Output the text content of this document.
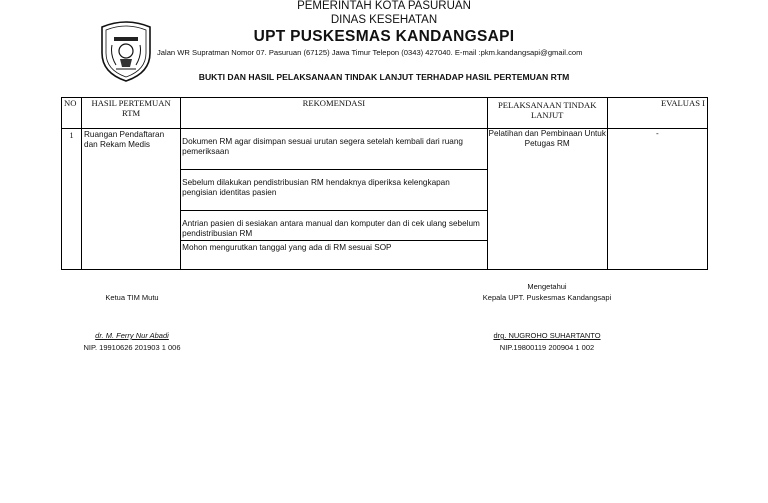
PEMERINTAH KOTA PASURUAN
DINAS KESEHATAN
UPT PUSKESMAS KANDANGSAPI
Jalan WR Supratman Nomor 07. Pasuruan (67125) Jawa Timur Telepon (0343) 427040. E-mail :pkm.kandangsapi@gmail.com
BUKTI DAN HASIL PELAKSANAAN TINDAK LANJUT TERHADAP HASIL PERTEMUAN RTM
NO	HASIL PERTEMUAN RTM	REKOMENDASI	PELAKSANAAN TINDAK LANJUT	EVALUAS I
1	Ruangan Pendaftaran dan Rekam Medis	Dokumen RM agar disimpan sesuai urutan segera setelah kembali dari ruang pemeriksaan
Sebelum dilakukan pendistribusian RM hendaknya diperiksa kelengkapan pengisian identitas pasien
Antrian pasien di sesiakan antara manual dan komputer dan di cek ulang sebelum pendistribusian RM
Mohon mengurutkan tanggal yang ada di RM sesuai SOP	Pelatihan dan Pembinaan Untuk Petugas RM	-
Ketua TIM Mutu
dr. M. Ferry Nur Abadi
NIP. 19910626 201903 1 006
Mengetahui
Kepala UPT. Puskesmas Kandangsapi
drg. NUGROHO SUHARTANTO
NIP.19800119 200904 1 002
